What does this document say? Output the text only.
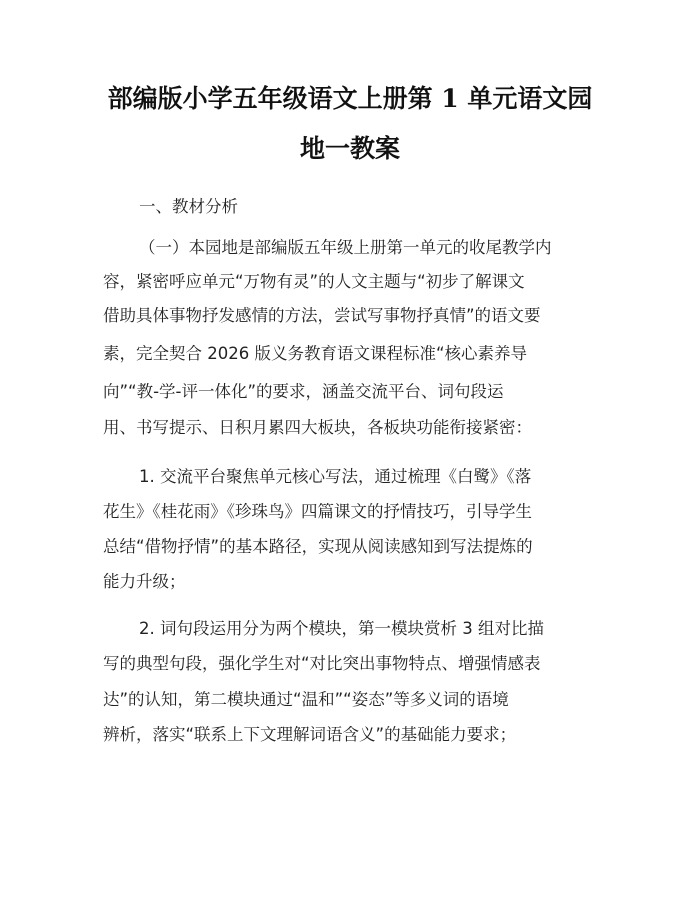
部编版小学五年级语文上册第 1 单元语文园
地一教案

一、教材分析

（一）本园地是部编版五年级上册第一单元的收尾教学内

容，紧密呼应单元“万物有灵”的人文主题与“初步了解课文

借助具体事物抒发感情的方法，尝试写事物抒真情”的语文要

素，完全契合 2026 版义务教育语文课程标准“核心素养导

向”“教-学-评一体化”的要求，涵盖交流平台、词句段运

用、书写提示、日积月累四大板块，各板块功能衔接紧密：

1. 交流平台聚焦单元核心写法，通过梳理《白鹭》《落

花生》《桂花雨》《珍珠鸟》四篇课文的抒情技巧，引导学生

总结“借物抒情”的基本路径，实现从阅读感知到写法提炼的

能力升级；

2. 词句段运用分为两个模块，第一模块赏析 3 组对比描

写的典型句段，强化学生对“对比突出事物特点、增强情感表

达”的认知，第二模块通过“温和”“姿态”等多义词的语境

辨析，落实“联系上下文理解词语含义”的基础能力要求；
